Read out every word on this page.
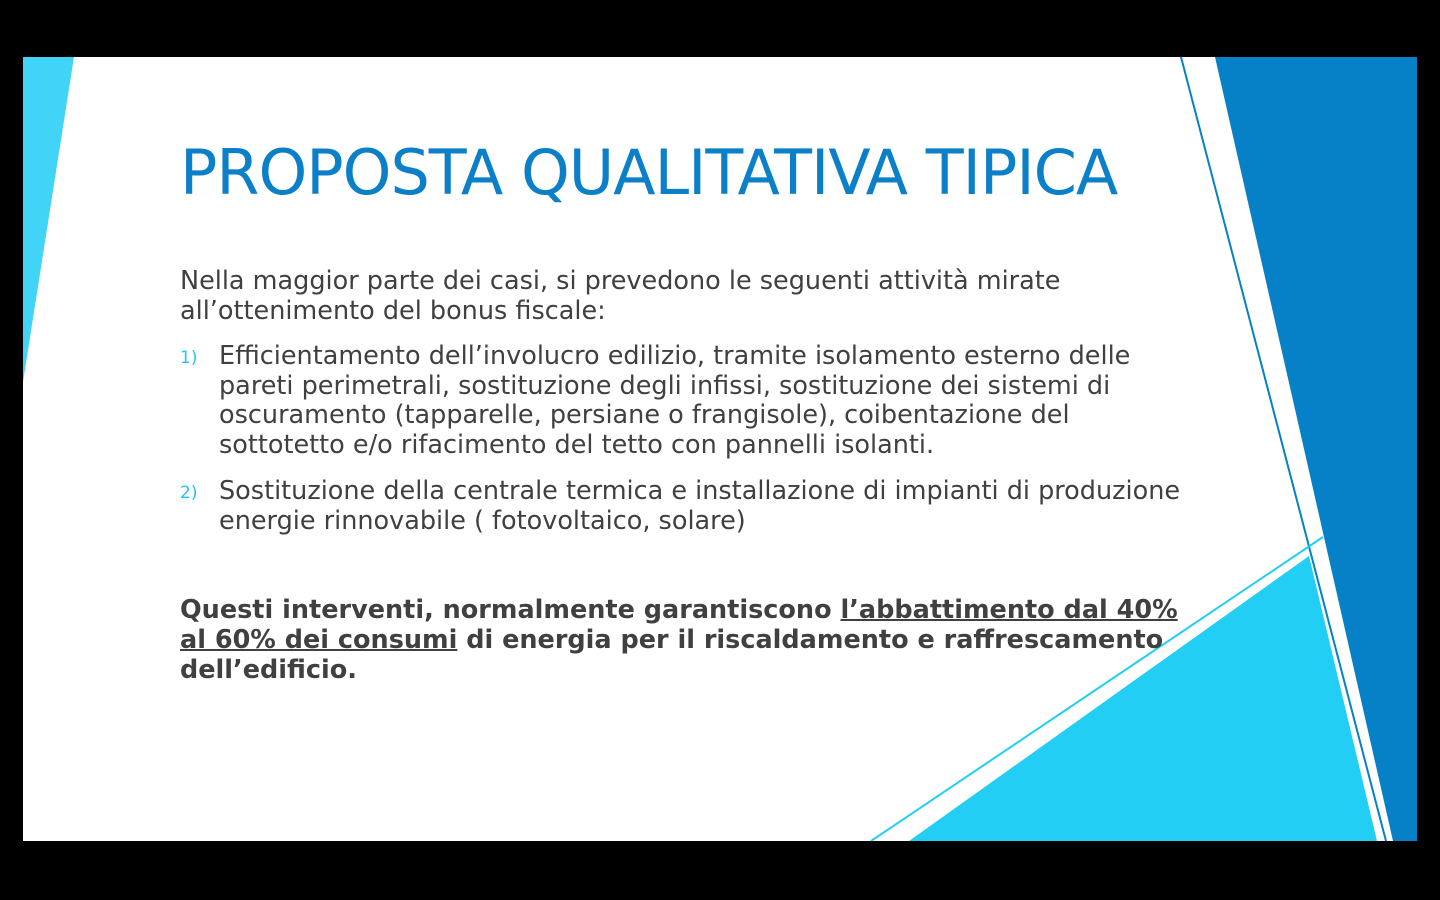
PROPOSTA QUALITATIVA TIPICA

Nella maggior parte dei casi, si prevedono le seguenti attività mirate all’ottenimento del bonus fiscale:

1) Efficientamento dell’involucro edilizio, tramite isolamento esterno delle pareti perimetrali, sostituzione degli infissi, sostituzione dei sistemi di oscuramento (tapparelle, persiane o frangisole), coibentazione del sottotetto e/o rifacimento del tetto con pannelli isolanti.
2) Sostituzione della centrale termica e installazione di impianti di produzione energie rinnovabile ( fotovoltaico, solare)

Questi interventi, normalmente garantiscono l’abbattimento dal 40% al 60% dei consumi di energia per il riscaldamento e raffrescamento dell’edificio.
